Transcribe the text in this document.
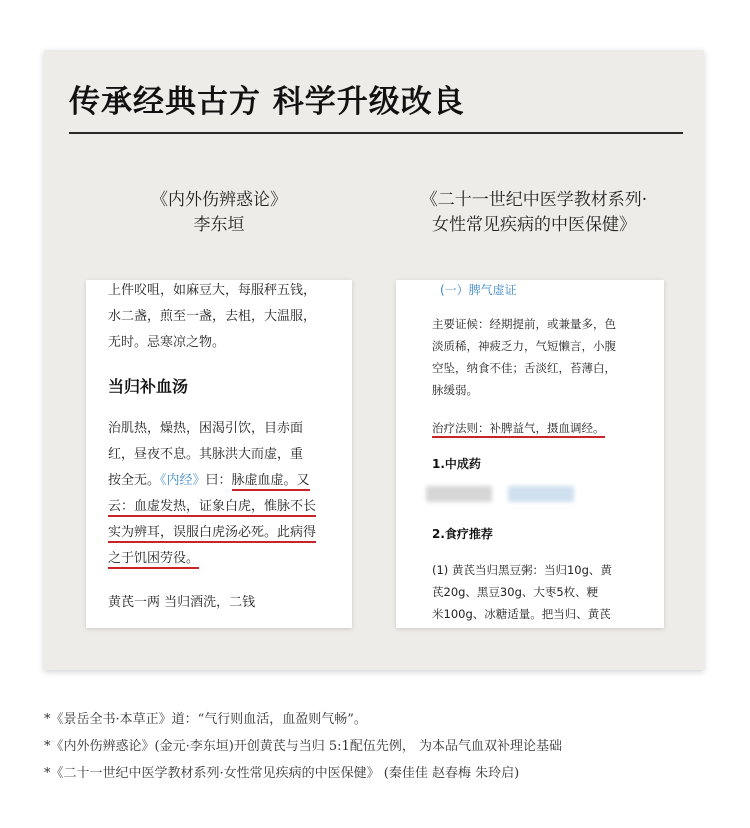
传承经典古方 科学升级改良
《内外伤辨惑论》
李东垣
《二十一世纪中医学教材系列·
女性常见疾病的中医保健》
上件㕮咀，如麻豆大，每服秤五钱，
水二盏，煎至一盏，去柤，大温服，
无时。忌寒凉之物。
当归补血汤
治肌热，燥热，困渴引饮，目赤面
红，昼夜不息。其脉洪大而虚，重
按全无。《内经》曰：脉虚血虚。又
云：血虚发热，证象白虎，惟脉不长
实为辨耳，误服白虎汤必死。此病得
之于饥困劳役。
黄芪一两 当归酒洗，二钱
(一）脾气虚证
主要证候：经期提前，或兼量多，色
淡质稀，神疲乏力，气短懒言，小腹
空坠，纳食不佳；舌淡红，苔薄白，
脉缓弱。
治疗法则：补脾益气，摄血调经。
1.中成药
2.食疗推荐
(1) 黄芪当归黑豆粥：当归10g、黄
芪20g、黑豆30g、大枣5枚、粳
米100g、冰糖适量。把当归、黄芪
*《景岳全书·本草正》道：“气行则血活，血盈则气畅”。
*《内外伤辨惑论》(金元·李东垣)开创黄芪与当归 5:1配伍先例， 为本品气血双补理论基础
*《二十一世纪中医学教材系列·女性常见疾病的中医保健》 (秦佳佳 赵春梅 朱玲启)
